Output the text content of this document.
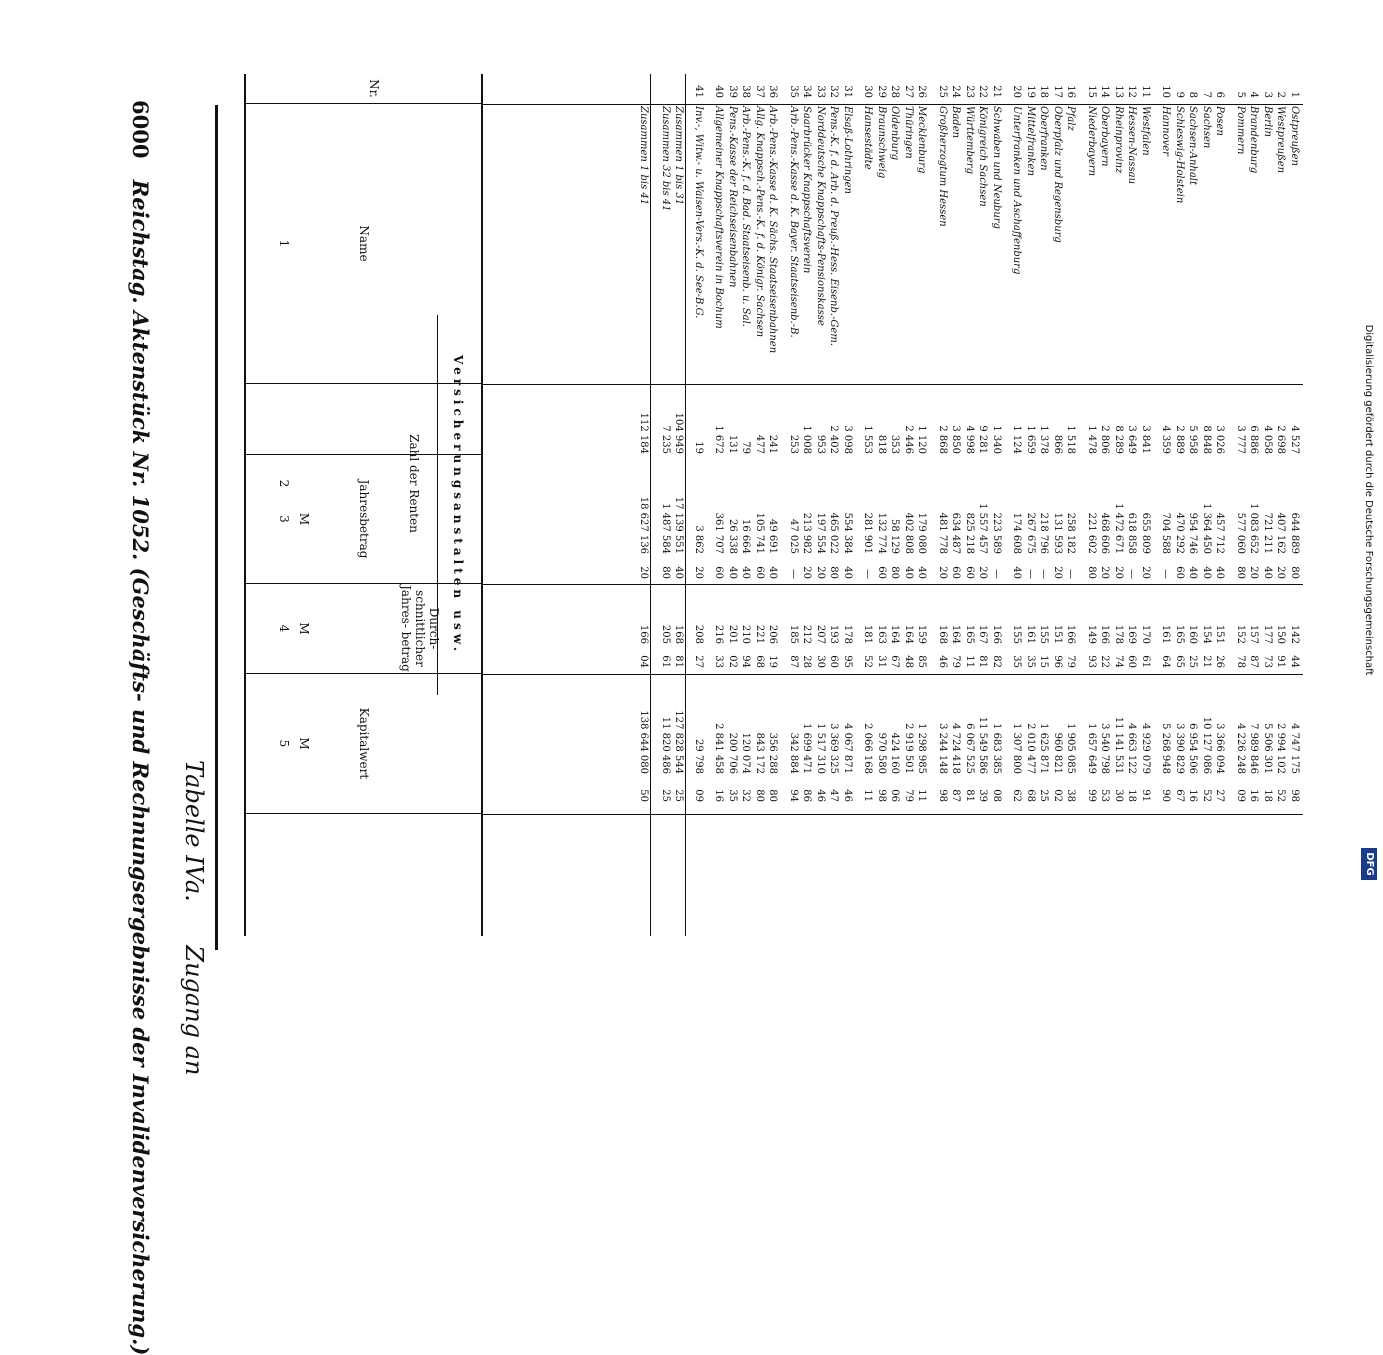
Digitalisierung gefördert durch die Deutsche Forschungsgemeinschaft
DFG
6000 Reichstag. Aktenstück Nr. 1052. (Geschäfts- und Rechnungsergebnisse der Invalidenversicherung.) Tabelle IVa. Zugang an
Versicherungsanstalten usw.
Nr.
Name
1
Zahl der Renten
2	Jahresbetrag
M
3
Durch- schnittlicher Jahres- betrag
M
4
Kapitalwert
M
5
1
Ostpreußen
4 527
644 889
80
142
44
4 747 175
98
2
Westpreußen
2 698
407 162
20
150
91
2 994 102
52
3
Berlin
4 058
721 211
40
177
73
5 506 301
18
4
Brandenburg
6 886
1 083 652
20
157
87
7 989 846
16
5
Pommern
3 777
577 060
80
152
78
4 226 248
09
6
Posen
3 026
457 712
40
151
26
3 366 094
27
7
Sachsen
8 848
1 364 450
40
154
21
10 127 086
52
8
Sachsen-Anhalt
5 958
954 746
40
160
25
6 954 506
16
9
Schleswig-Holstein
2 889
470 292
60
165
65
3 390 829
67
10
Hannover
4 359
704 588
—
161
64
5 268 948
90
11
Westfalen
3 841
655 809
20
170
61
4 929 079
91
12
Hessen-Nassau
3 649
618 858
—
169
60
4 663 122
18
13
Rheinprovinz
8 289
1 472 671
20
178
74
11 141 531
30
14
Oberbayern
2 806
468 606
20
166
22
3 540 798
53
15
Niederbayern
1 478
221 602
80
149
93
1 657 649
99
16
Pfalz
1 518
258 182
—
166
79
1 905 085
38
17
Oberpfalz und Regensburg
866
131 593
20
151
96
960 821
02
18
Oberfranken
1 378
218 796
—
155
15
1 625 871
25
19
Mittelfranken
1 659
267 675
—
161
35
2 010 477
68
20
Unterfranken und Aschaffenburg
1 124
174 608
40
155
35
1 307 800
62
21
Schwaben und Neuburg
1 340
223 589
—
166
82
1 683 385
08
22
Königreich Sachsen
9 281
1 557 457
20
167
81
11 549 586
39
23
Württemberg
4 998
825 218
60
165
11
6 067 525
81
24
Baden
3 850
634 487
60
164
79
4 724 418
87
25
Großherzogtum Hessen
2 868
481 778
20
168
46
3 244 148
98
26
Mecklenburg
1 120
179 080
40
159
85
1 298 985
11
27
Thüringen
2 446
402 808
40
164
48
2 919 501
79
28
Oldenburg
353
58 129
80
164
67
424 160
06
29
Braunschweig
818
132 774
60
163
31
970 580
98
30
Hansestädte
1 553
281 901
—
181
52
2 066 168
11
31
Elsaß-Lothringen
3 098
554 384
40
178
95
4 067 871
46
32
Pens.-K. f. d. Arb. d. Preuß.-Hess. Eisenb.-Gem.
2 402
465 022
80
193
60
3 369 325
47
33
Norddeutsche Knappschafts-Pensionskasse
953
197 554
20
207
30
1 517 310
46
34
Saarbrücker Knappschaftsverein
1 008
213 982
20
212
28
1 699 471
86
35
Arb.-Pens.-Kasse d. K. Bayer. Staatseisenb.-B.
253
47 025
—
185
87
342 884
94
36
Arb.-Pens.-Kasse d. K. Sächs. Staatseisenbahnen
241
49 691
40
206
19
356 288
80
37
Allg. Knappsch.-Pens.-K. f. d. Königr. Sachsen
477
105 741
60
221
68
843 172
80
38
Arb.-Pens.-K. f. d. Bad. Staatseisenb. u. Sal.
79
16 664
40
210
94
120 074
32
39
Pens.-Kasse der Reichseisenbahnen
131
26 338
40
201
02
200 706
35
40
Allgemeiner Knappschaftsverein in Bochum
1 672
361 707
60
216
33
2 841 458
16
41
Inv.-, Witw.- u. Waisen-Vers.-K. d. See-B.G.
19
3 862
20
208
27
29 798
09
Zusammen 1 bis 31
104 949
17 139 551
40
168
81
127 828 544
25
Zusammen 32 bis 41
7 235
1 487 584
80
205
61
11 820 486
25
Zusammen 1 bis 41
112 184
18 627 136
20
166
04
138 644 080
50
